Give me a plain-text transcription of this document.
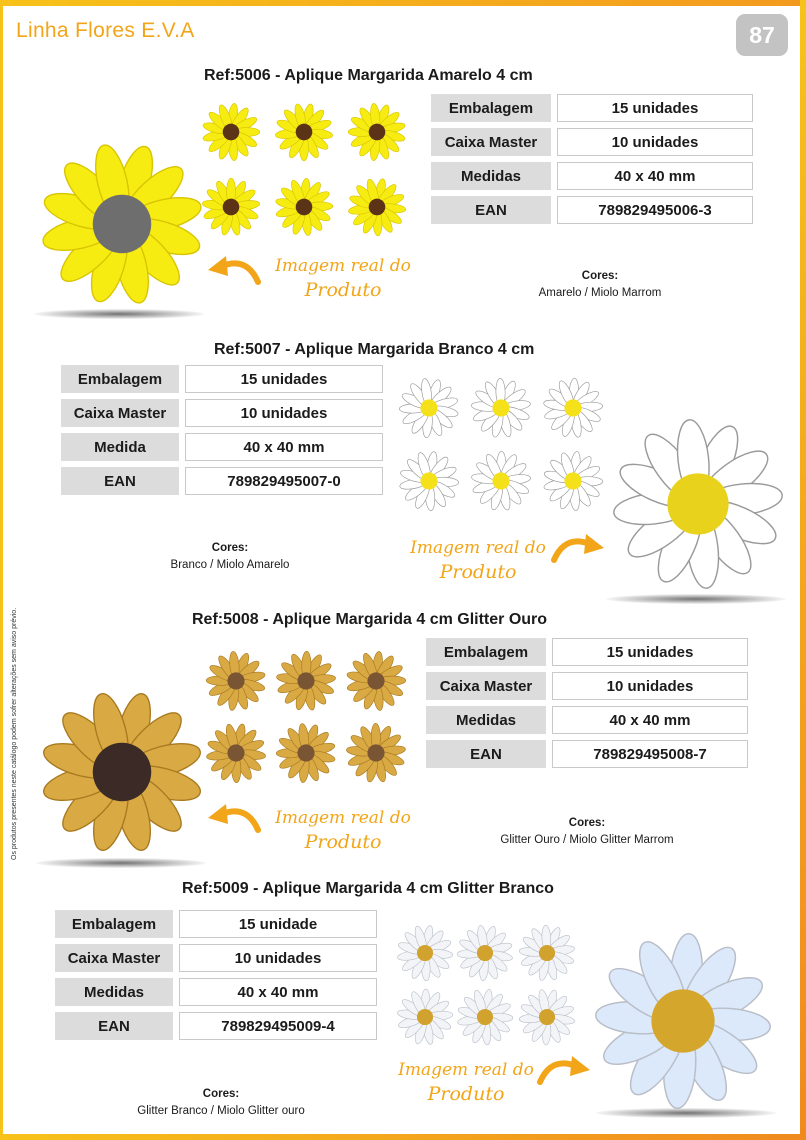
Linha Flores E.V.A	87
Os produtos presentes neste catálogo podem sofrer alterações sem aviso prévio.
Ref:5006 - Aplique Margarida Amarelo 4 cm
Embalagem	15 unidades
Caixa Master	10 unidades
Medidas	40 x 40 mm
EAN	789829495006-3
Cores:
Amarelo / Miolo Marrom
Imagem real do
Produto
Ref:5007 - Aplique Margarida Branco 4 cm
Embalagem	15 unidades
Caixa Master	10 unidades
Medida	40 x 40 mm
EAN	789829495007-0
Cores:
Branco / Miolo Amarelo
Imagem real do
Produto
Ref:5008 - Aplique Margarida 4 cm Glitter Ouro
Embalagem	15 unidades
Caixa Master	10 unidades
Medidas	40 x 40 mm
EAN	789829495008-7
Cores:
Glitter Ouro / Miolo Glitter Marrom
Imagem real do
Produto
Ref:5009 - Aplique Margarida 4 cm Glitter Branco
Embalagem	15 unidade
Caixa Master	10 unidades
Medidas	40 x 40 mm
EAN	789829495009-4
Cores:
Glitter Branco / Miolo Glitter ouro
Imagem real do
Produto
